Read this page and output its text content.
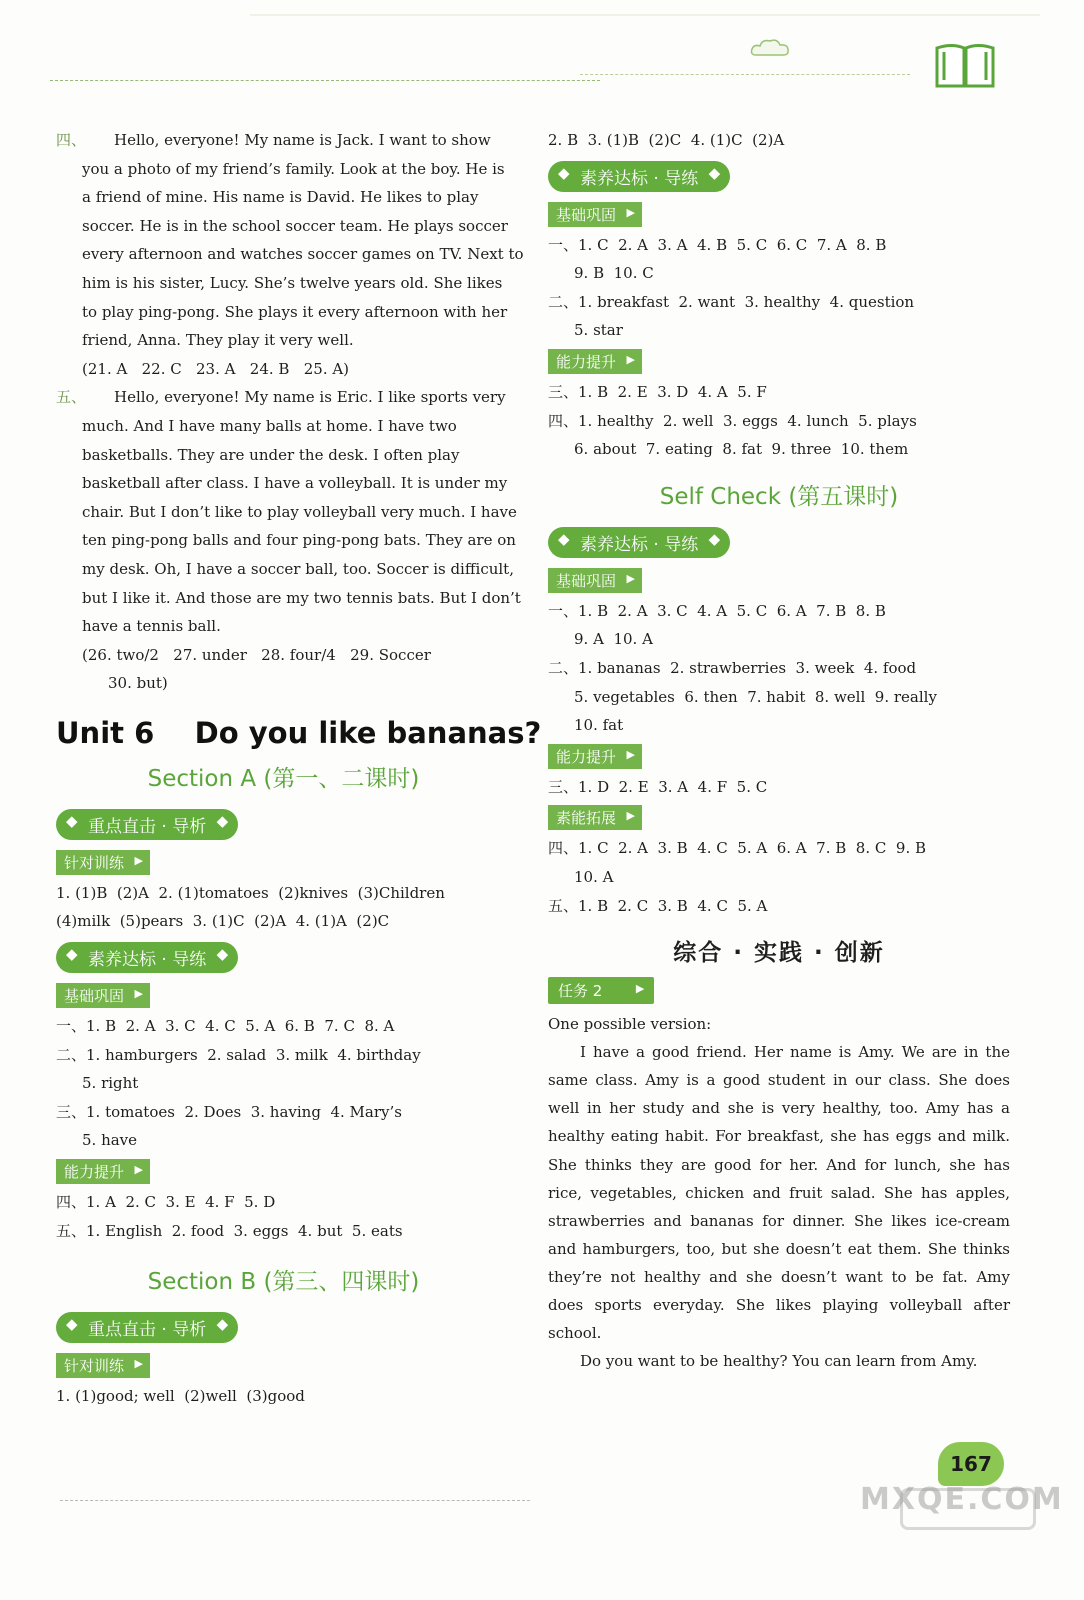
四、 Hello, everyone! My name is Jack. I want to show
you a photo of my friend’s family. Look at the boy. He is
a friend of mine. His name is David. He likes to play
soccer. He is in the school soccer team. He plays soccer
every afternoon and watches soccer games on TV. Next to
him is his sister, Lucy. She’s twelve years old. She likes
to play ping-pong. She plays it every afternoon with her
friend, Anna. They play it very well.
(21. A   22. C   23. A   24. B   25. A)
五、 Hello, everyone! My name is Eric. I like sports very
much. And I have many balls at home. I have two
basketballs. They are under the desk. I often play
basketball after class. I have a volleyball. It is under my
chair. But I don’t like to play volleyball very much. I have
ten ping-pong balls and four ping-pong bats. They are on
my desk. Oh, I have a soccer ball, too. Soccer is difficult,
but I like it. And those are my two tennis bats. But I don’t
have a tennis ball.
(26. two/2   27. under   28. four/4   29. Soccer
30. but)
Unit 6    Do you like bananas?
Section A (第一、二课时)
◆ 重点直击 · 导析 ◆
针对训练 ▶
1. (1)B  (2)A  2. (1)tomatoes  (2)knives  (3)Children
(4)milk  (5)pears  3. (1)C  (2)A  4. (1)A  (2)C
◆ 素养达标 · 导练 ◆
基础巩固 ▶
一、1. B  2. A  3. C  4. C  5. A  6. B  7. C  8. A
二、1. hamburgers  2. salad  3. milk  4. birthday
5. right
三、1. tomatoes  2. Does  3. having  4. Mary’s
5. have
能力提升 ▶
四、1. A  2. C  3. E  4. F  5. D
五、1. English  2. food  3. eggs  4. but  5. eats
Section B (第三、四课时)
◆ 重点直击 · 导析 ◆
针对训练 ▶
1. (1)good; well  (2)well  (3)good
2. B  3. (1)B  (2)C  4. (1)C  (2)A
◆ 素养达标 · 导练 ◆
基础巩固 ▶
一、1. C  2. A  3. A  4. B  5. C  6. C  7. A  8. B
9. B  10. C
二、1. breakfast  2. want  3. healthy  4. question
5. star
能力提升 ▶
三、1. B  2. E  3. D  4. A  5. F
四、1. healthy  2. well  3. eggs  4. lunch  5. plays
6. about  7. eating  8. fat  9. three  10. them
Self Check (第五课时)
◆ 素养达标 · 导练 ◆
基础巩固 ▶
一、1. B  2. A  3. C  4. A  5. C  6. A  7. B  8. B
9. A  10. A
二、1. bananas  2. strawberries  3. week  4. food
5. vegetables  6. then  7. habit  8. well  9. really
10. fat
能力提升 ▶
三、1. D  2. E  3. A  4. F  5. C
素能拓展 ▶
四、1. C  2. A  3. B  4. C  5. A  6. A  7. B  8. C  9. B
10. A
五、1. B  2. C  3. B  4. C  5. A
综合 · 实践 · 创新
任务 2 ▶

One possible version:

I have a good friend. Her name is Amy. We are in the same class. Amy is a good student in our class. She does well in her study and she is very healthy, too. Amy has a healthy eating habit. For breakfast, she has eggs and milk. She thinks they are good for her. And for lunch, she has rice, vegetables, chicken and fruit salad. She has apples, strawberries and bananas for dinner. She likes ice-cream and hamburgers, too, but she doesn’t eat them. She thinks they’re not healthy and she doesn’t want to be fat. Amy does sports everyday. She likes playing volleyball after school.

Do you want to be healthy? You can learn from Amy.

167
MXQE.COM
